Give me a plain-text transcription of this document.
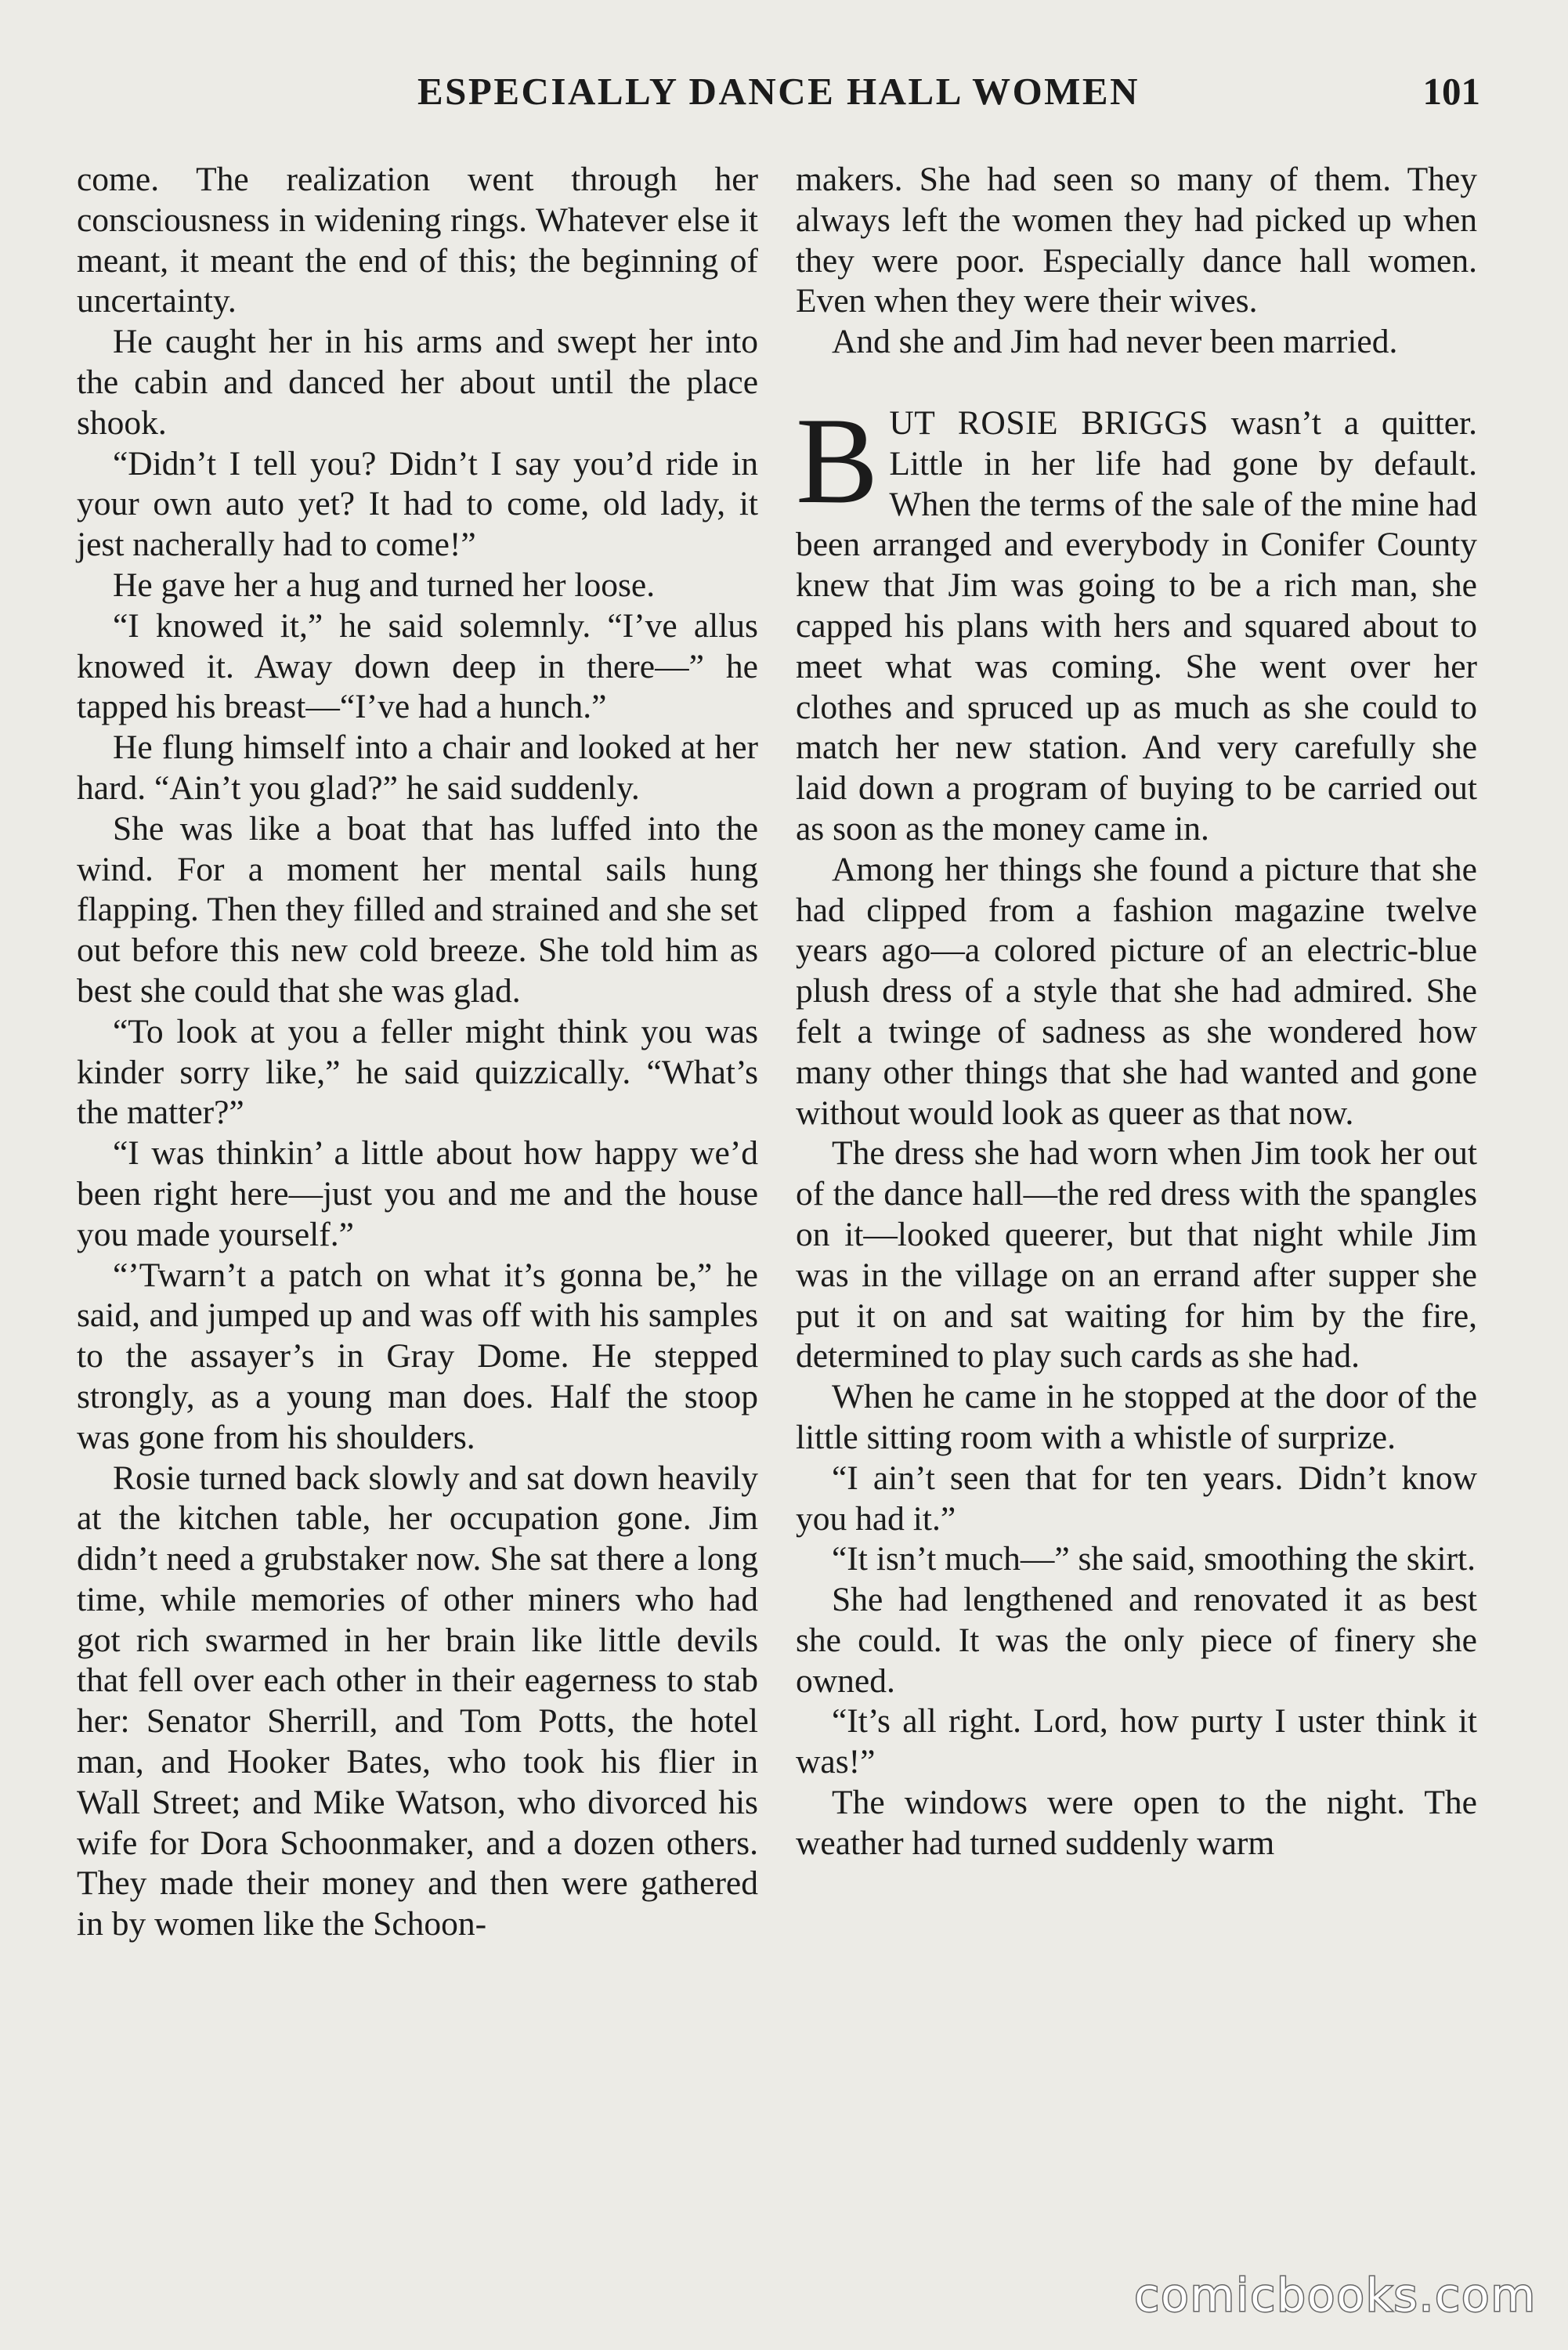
ESPECIALLY DANCE HALL WOMEN	101

come. The realization went through her consciousness in widening rings. Whatever else it meant, it meant the end of this; the beginning of uncertainty.

He caught her in his arms and swept her into the cabin and danced her about until the place shook.

“Didn’t I tell you? Didn’t I say you’d ride in your own auto yet? It had to come, old lady, it jest nacherally had to come!”

He gave her a hug and turned her loose.

“I knowed it,” he said solemnly. “I’ve allus knowed it. Away down deep in there—” he tapped his breast—“I’ve had a hunch.”

He flung himself into a chair and looked at her hard. “Ain’t you glad?” he said suddenly.

She was like a boat that has luffed into the wind. For a moment her mental sails hung flapping. Then they filled and strained and she set out before this new cold breeze. She told him as best she could that she was glad.

“To look at you a feller might think you was kinder sorry like,” he said quizzically. “What’s the matter?”

“I was thinkin’ a little about how happy we’d been right here—just you and me and the house you made yourself.”

“’Twarn’t a patch on what it’s gonna be,” he said, and jumped up and was off with his samples to the assayer’s in Gray Dome. He stepped strongly, as a young man does. Half the stoop was gone from his shoulders.

Rosie turned back slowly and sat down heavily at the kitchen table, her occupation gone. Jim didn’t need a grubstaker now. She sat there a long time, while memories of other miners who had got rich swarmed in her brain like little devils that fell over each other in their eagerness to stab her: Senator Sherrill, and Tom Potts, the hotel man, and Hooker Bates, who took his flier in Wall Street; and Mike Watson, who divorced his wife for Dora Schoonmaker, and a dozen others. They made their money and then were gathered in by women like the Schoon-

makers. She had seen so many of them. They always left the women they had picked up when they were poor. Especially dance hall women. Even when they were their wives.

And she and Jim had never been married.

BUT ROSIE BRIGGS wasn’t a quitter. Little in her life had gone by default. When the terms of the sale of the mine had been arranged and everybody in Conifer County knew that Jim was going to be a rich man, she capped his plans with hers and squared about to meet what was coming. She went over her clothes and spruced up as much as she could to match her new station. And very carefully she laid down a program of buying to be carried out as soon as the money came in.

Among her things she found a picture that she had clipped from a fashion magazine twelve years ago—a colored picture of an electric-blue plush dress of a style that she had admired. She felt a twinge of sadness as she wondered how many other things that she had wanted and gone without would look as queer as that now.

The dress she had worn when Jim took her out of the dance hall—the red dress with the spangles on it—looked queerer, but that night while Jim was in the village on an errand after supper she put it on and sat waiting for him by the fire, determined to play such cards as she had.

When he came in he stopped at the door of the little sitting room with a whistle of surprize.

“I ain’t seen that for ten years. Didn’t know you had it.”

“It isn’t much—” she said, smoothing the skirt.

She had lengthened and renovated it as best she could. It was the only piece of finery she owned.

“It’s all right. Lord, how purty I uster think it was!”

The windows were open to the night. The weather had turned suddenly warm

comicbooks.com
